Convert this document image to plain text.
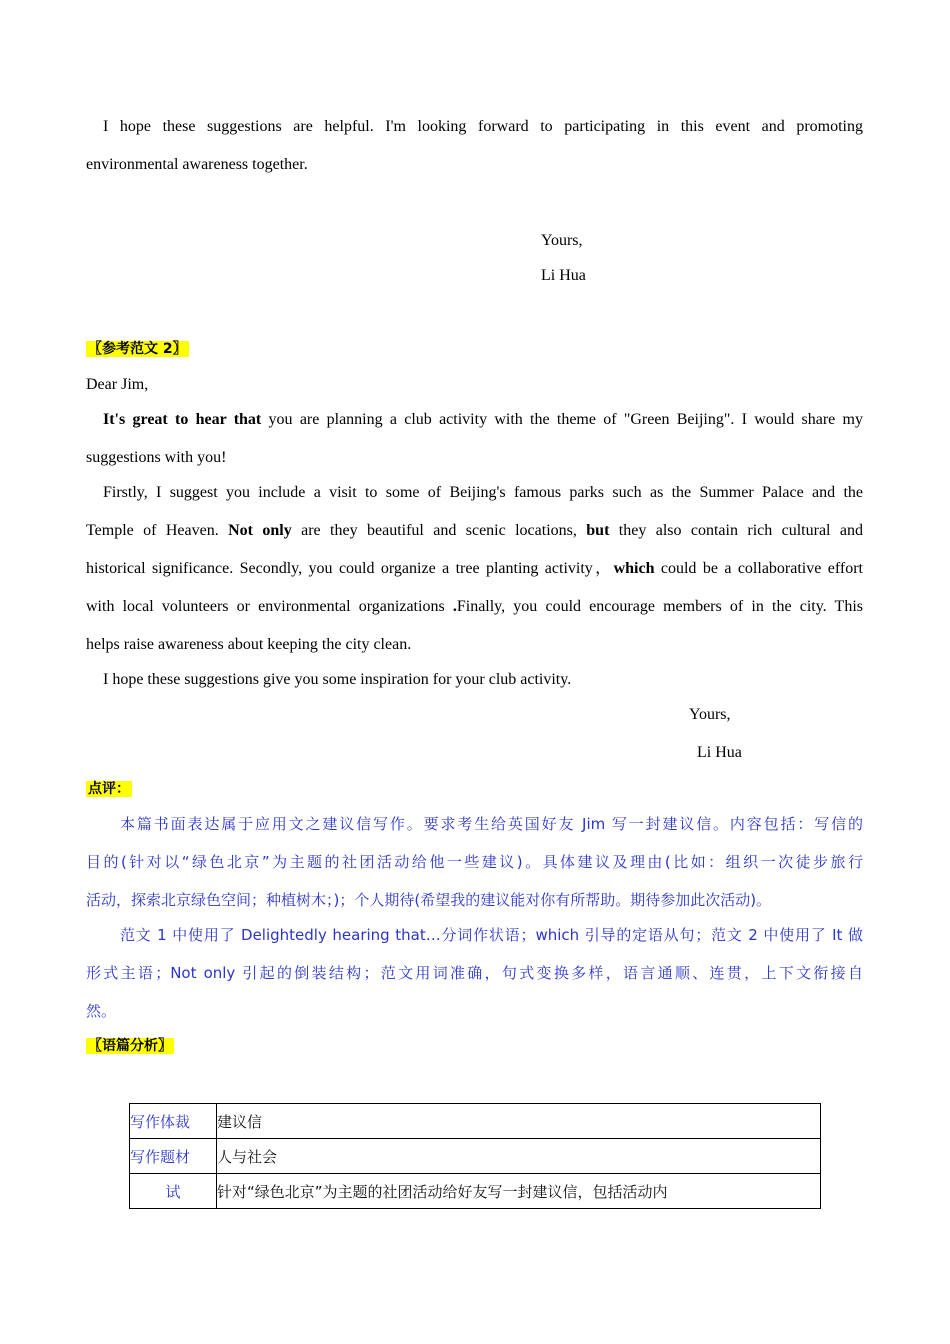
I hope these suggestions are helpful. I'm looking forward to participating in this event and promoting
environmental awareness together.
Yours,
Li Hua
〖参考范文 2〗
Dear Jim,
It's great to hear that you are planning a club activity with the theme of "Green Beijing". I would share my
suggestions with you!
Firstly, I suggest you include a visit to some of Beijing's famous parks such as the Summer Palace and the
Temple of Heaven. Not only are they beautiful and scenic locations, but they also contain rich cultural and
historical significance. Secondly, you could organize a tree planting activity，which could be a collaborative effort
with local volunteers or environmental organizations .Finally, you could encourage members of in the city. This
helps raise awareness about keeping the city clean.
I hope these suggestions give you some inspiration for your club activity.
Yours,
Li Hua
点评：
本篇书面表达属于应用文之建议信写作。要求考生给英国好友 Jim 写一封建议信。内容包括：写信的
目的(针对以“绿色北京”为主题的社团活动给他一些建议)。具体建议及理由(比如：组织一次徒步旅行
活动，探索北京绿色空间；种植树木；)；个人期待(希望我的建议能对你有所帮助。期待参加此次活动)。
范文 1 中使用了 Delightedly hearing that…分词作状语；which 引导的定语从句；范文 2 中使用了 It 做
形式主语；Not only 引起的倒装结构；范文用词准确，句式变换多样，语言通顺、连贯，上下文衔接自
然。
〖语篇分析〗
写作体裁	建议信
写作题材	人与社会
试	针对“绿色北京”为主题的社团活动给好友写一封建议信，包括活动内
